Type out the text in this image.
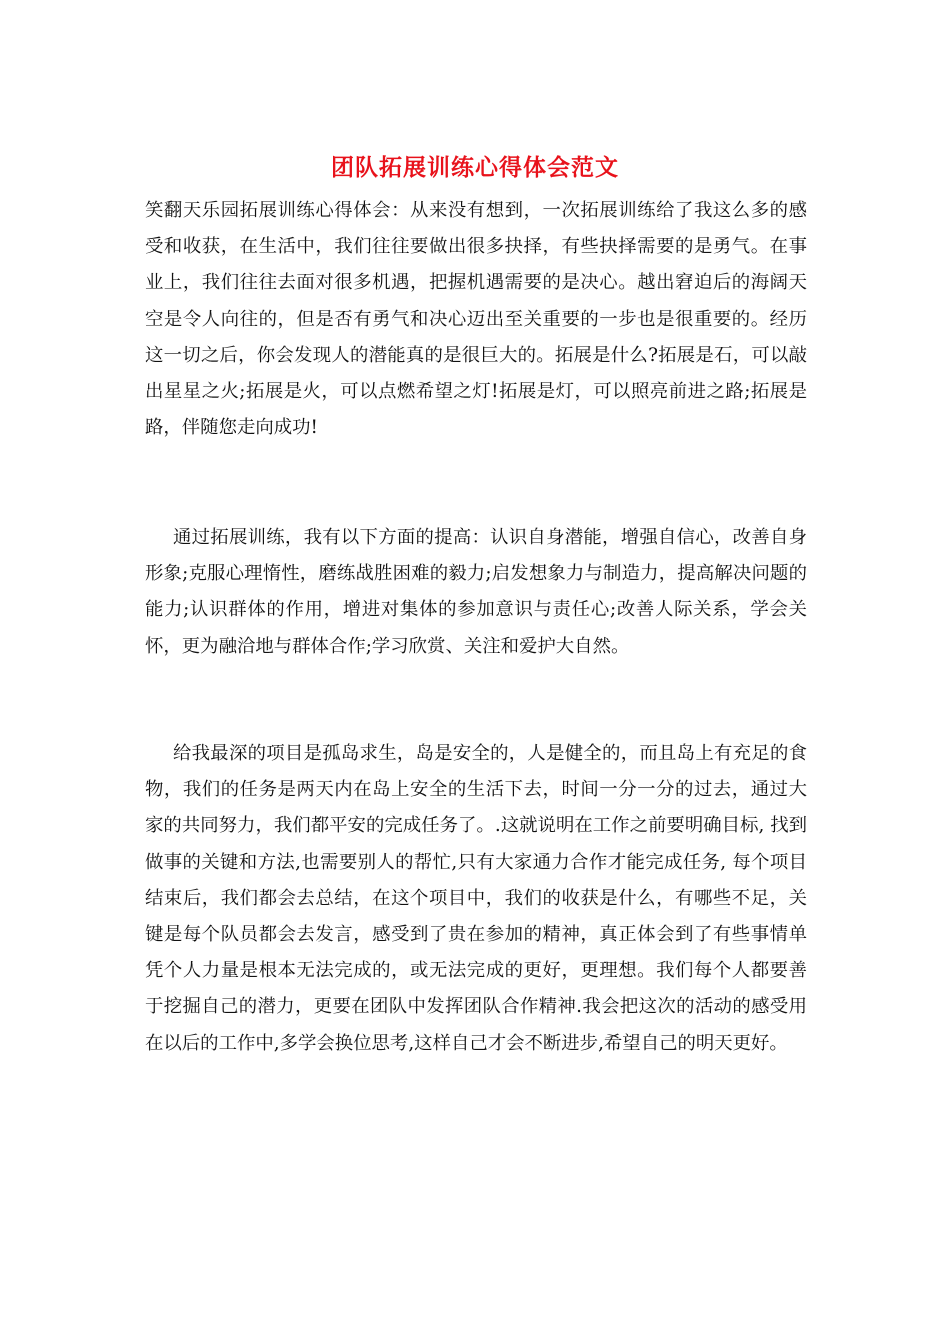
团队拓展训练心得体会范文

笑翻天乐园拓展训练心得体会：从来没有想到，一次拓展训练给了我这么多的感受和收获，在生活中，我们往往要做出很多抉择，有些抉择需要的是勇气。在事业上，我们往往去面对很多机遇，把握机遇需要的是决心。越出窘迫后的海阔天空是令人向往的，但是否有勇气和决心迈出至关重要的一步也是很重要的。经历这一切之后，你会发现人的潜能真的是很巨大的。拓展是什么?拓展是石，可以敲出星星之火;拓展是火，可以点燃希望之灯!拓展是灯，可以照亮前进之路;拓展是路，伴随您走向成功!

通过拓展训练，我有以下方面的提高：认识自身潜能，增强自信心，改善自身形象;克服心理惰性，磨练战胜困难的毅力;启发想象力与制造力，提高解决问题的能力;认识群体的作用，增进对集体的参加意识与责任心;改善人际关系，学会关怀，更为融洽地与群体合作;学习欣赏、关注和爱护大自然。

给我最深的项目是孤岛求生，岛是安全的，人是健全的，而且岛上有充足的食物，我们的任务是两天内在岛上安全的生活下去，时间一分一分的过去，通过大家的共同努力，我们都平安的完成任务了。.这就说明在工作之前要明确目标, 找到做事的关键和方法,也需要别人的帮忙,只有大家通力合作才能完成任务, 每个项目结束后，我们都会去总结，在这个项目中，我们的收获是什么，有哪些不足，关键是每个队员都会去发言，感受到了贵在参加的精神，真正体会到了有些事情单凭个人力量是根本无法完成的，或无法完成的更好，更理想。我们每个人都要善于挖掘自己的潜力，更要在团队中发挥团队合作精神.我会把这次的活动的感受用在以后的工作中,多学会换位思考,这样自己才会不断进步,希望自己的明天更好。
